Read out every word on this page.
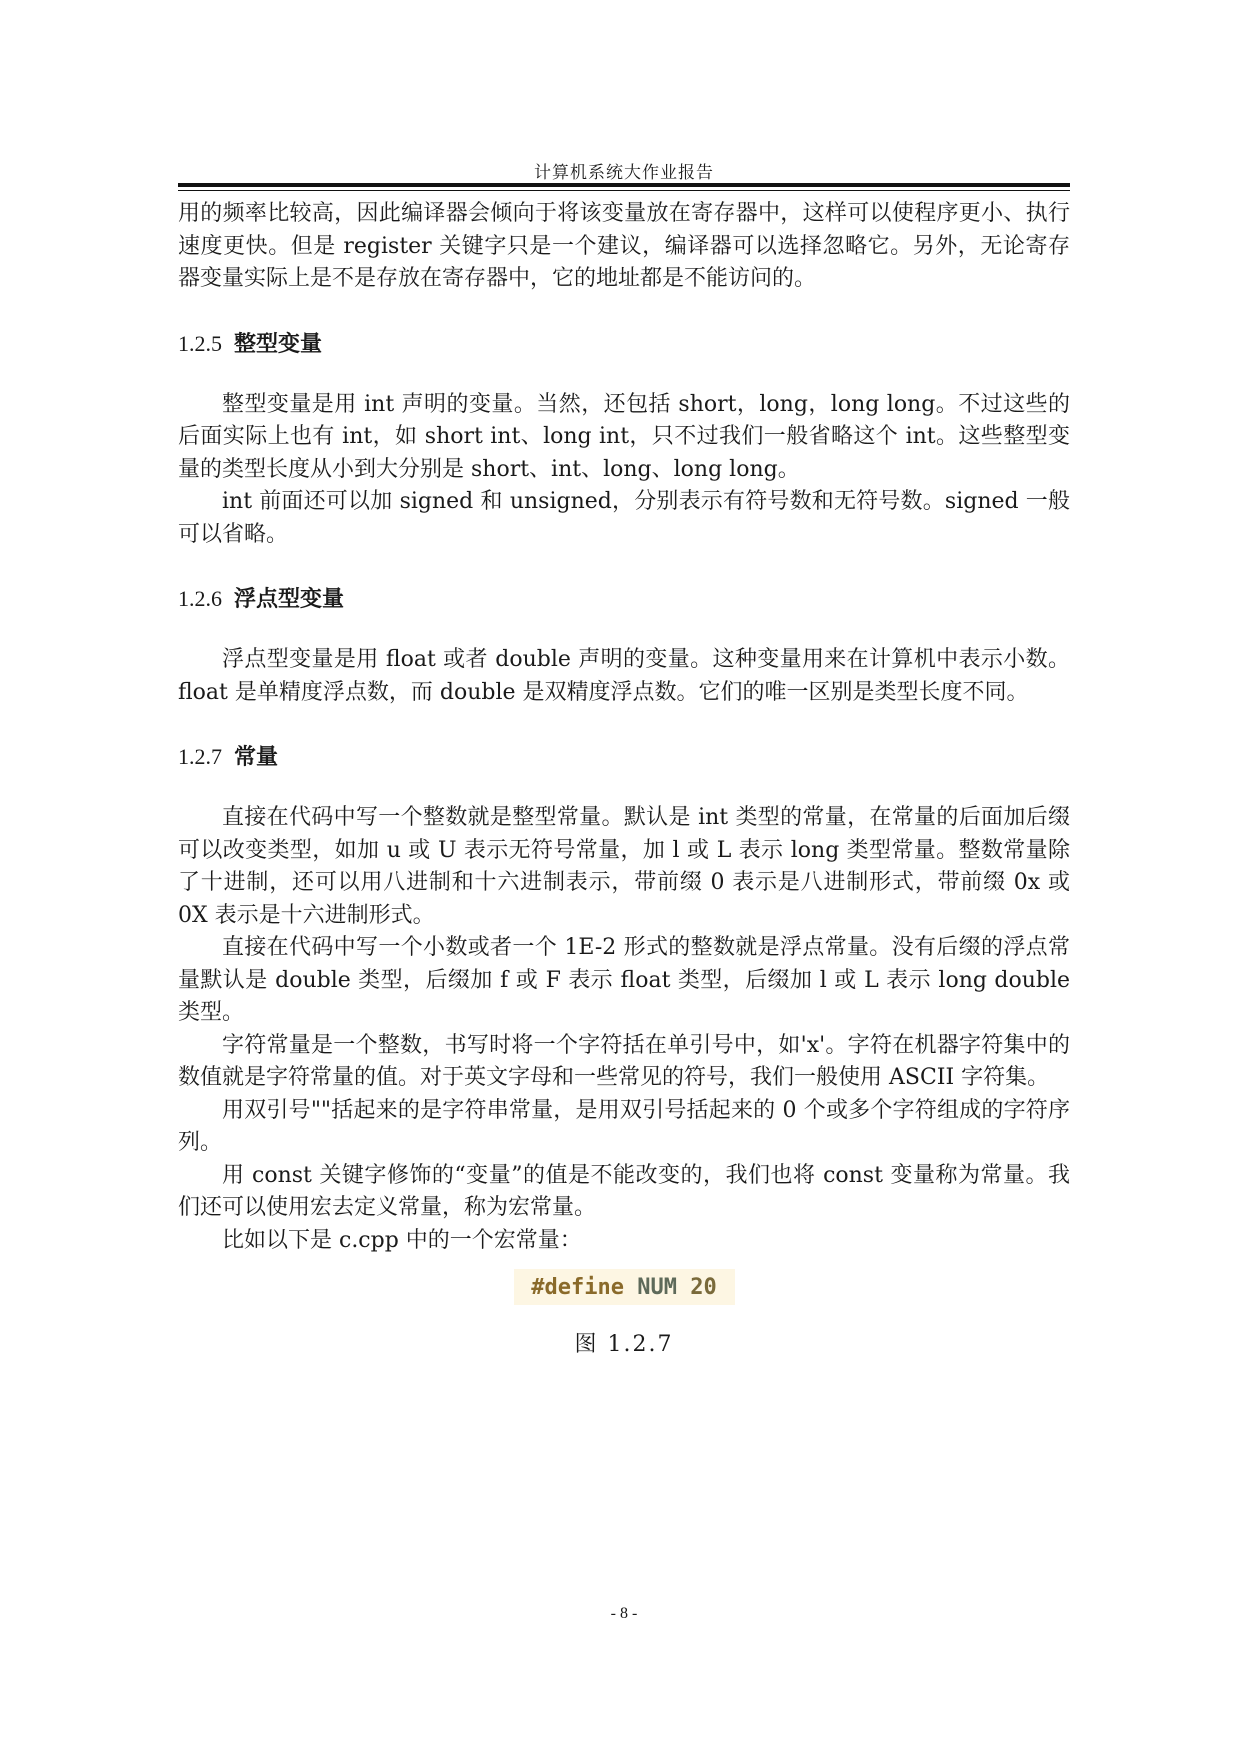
计算机系统大作业报告

用的频率比较高，因此编译器会倾向于将该变量放在寄存器中，这样可以使程序更小、执行速度更快。但是 register 关键字只是一个建议，编译器可以选择忽略它。另外，无论寄存器变量实际上是不是存放在寄存器中，它的地址都是不能访问的。

1.2.5 整型变量

整型变量是用 int 声明的变量。当然，还包括 short，long，long long。不过这些的后面实际上也有 int，如 short int、long int，只不过我们一般省略这个 int。这些整型变量的类型长度从小到大分别是 short、int、long、long long。

int 前面还可以加 signed 和 unsigned，分别表示有符号数和无符号数。signed 一般可以省略。

1.2.6 浮点型变量

浮点型变量是用 float 或者 double 声明的变量。这种变量用来在计算机中表示小数。float 是单精度浮点数，而 double 是双精度浮点数。它们的唯一区别是类型长度不同。

1.2.7 常量

直接在代码中写一个整数就是整型常量。默认是 int 类型的常量，在常量的后面加后缀可以改变类型，如加 u 或 U 表示无符号常量，加 l 或 L 表示 long 类型常量。整数常量除了十进制，还可以用八进制和十六进制表示，带前缀 0 表示是八进制形式，带前缀 0x 或 0X 表示是十六进制形式。

直接在代码中写一个小数或者一个 1E-2 形式的整数就是浮点常量。没有后缀的浮点常量默认是 double 类型，后缀加 f 或 F 表示 float 类型，后缀加 l 或 L 表示 long double 类型。

字符常量是一个整数，书写时将一个字符括在单引号中，如'x'。字符在机器字符集中的数值就是字符常量的值。对于英文字母和一些常见的符号，我们一般使用 ASCII 字符集。

用双引号""括起来的是字符串常量，是用双引号括起来的 0 个或多个字符组成的字符序列。

用 const 关键字修饰的“变量”的值是不能改变的，我们也将 const 变量称为常量。我们还可以使用宏去定义常量，称为宏常量。

比如以下是 c.cpp 中的一个宏常量：

#define
NUM
20
图 1.2.7
- 8 -
